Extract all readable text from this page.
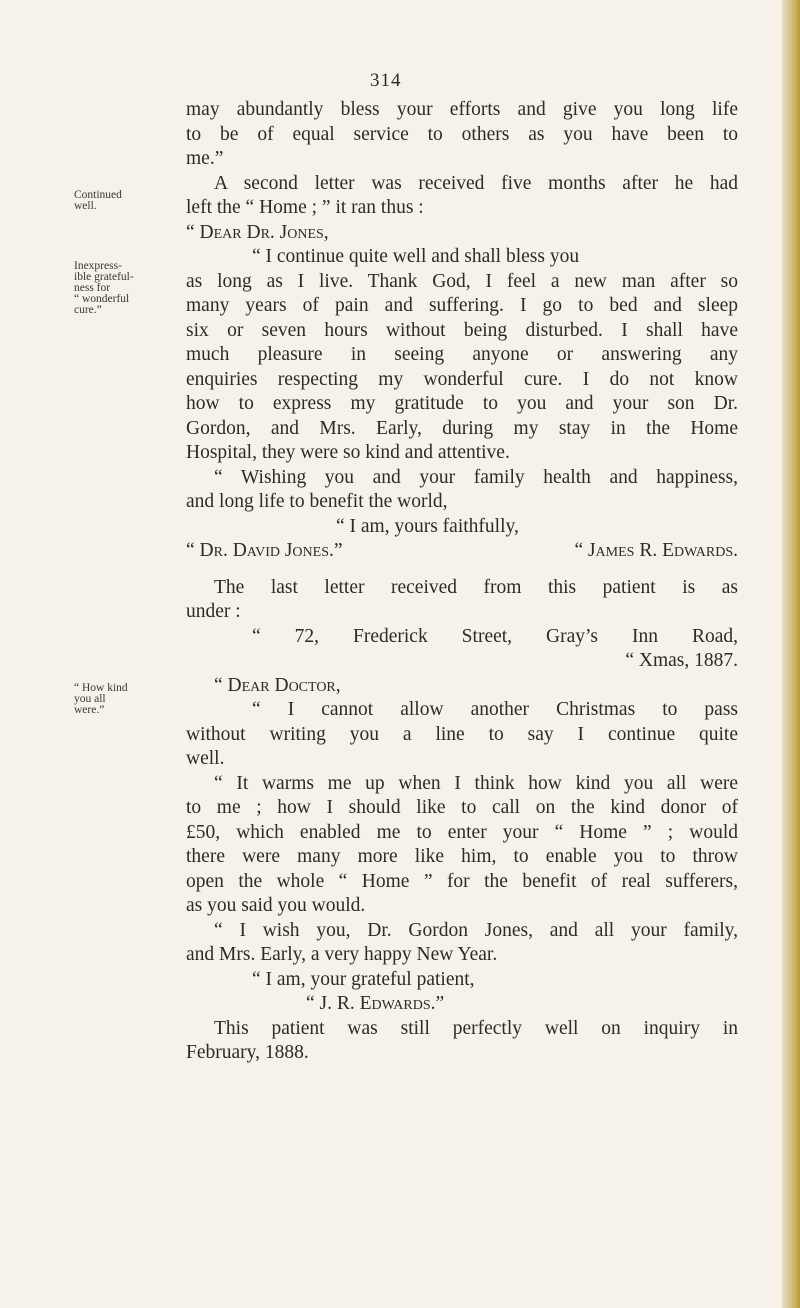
314
Continued
well.
Inexpress-
ible grateful-
ness for
“ wonderful
cure.”
“ How kind
you all
were.”
may abundantly bless your efforts and give you long life
to be of equal service to others as you have been to
me.”
A second letter was received five months after he had
left the “ Home ; ” it ran thus :
“ Dear Dr. Jones,
“ I continue quite well and shall bless you
as long as I live. Thank God, I feel a new man after so
many years of pain and suffering. I go to bed and sleep
six or seven hours without being disturbed. I shall have
much pleasure in seeing anyone or answering any
enquiries respecting my wonderful cure. I do not know
how to express my gratitude to you and your son Dr.
Gordon, and Mrs. Early, during my stay in the Home
Hospital, they were so kind and attentive.
“ Wishing you and your family health and happiness,
and long life to benefit the world,
“ I am, yours faithfully,
“ Dr. David Jones.”	“ James R. Edwards.
The last letter received from this patient is as
under :
“ 72, Frederick Street, Gray’s Inn Road,
“ Xmas, 1887.
“ Dear Doctor,
“ I cannot allow another Christmas to pass
without writing you a line to say I continue quite
well.
“ It warms me up when I think how kind you all were
to me ; how I should like to call on the kind donor of
£50, which enabled me to enter your “ Home ” ; would
there were many more like him, to enable you to throw
open the whole “ Home ” for the benefit of real sufferers,
as you said you would.
“ I wish you, Dr. Gordon Jones, and all your family,
and Mrs. Early, a very happy New Year.
“ I am, your grateful patient,
“ J. R. Edwards.”
This patient was still perfectly well on inquiry in
February, 1888.
